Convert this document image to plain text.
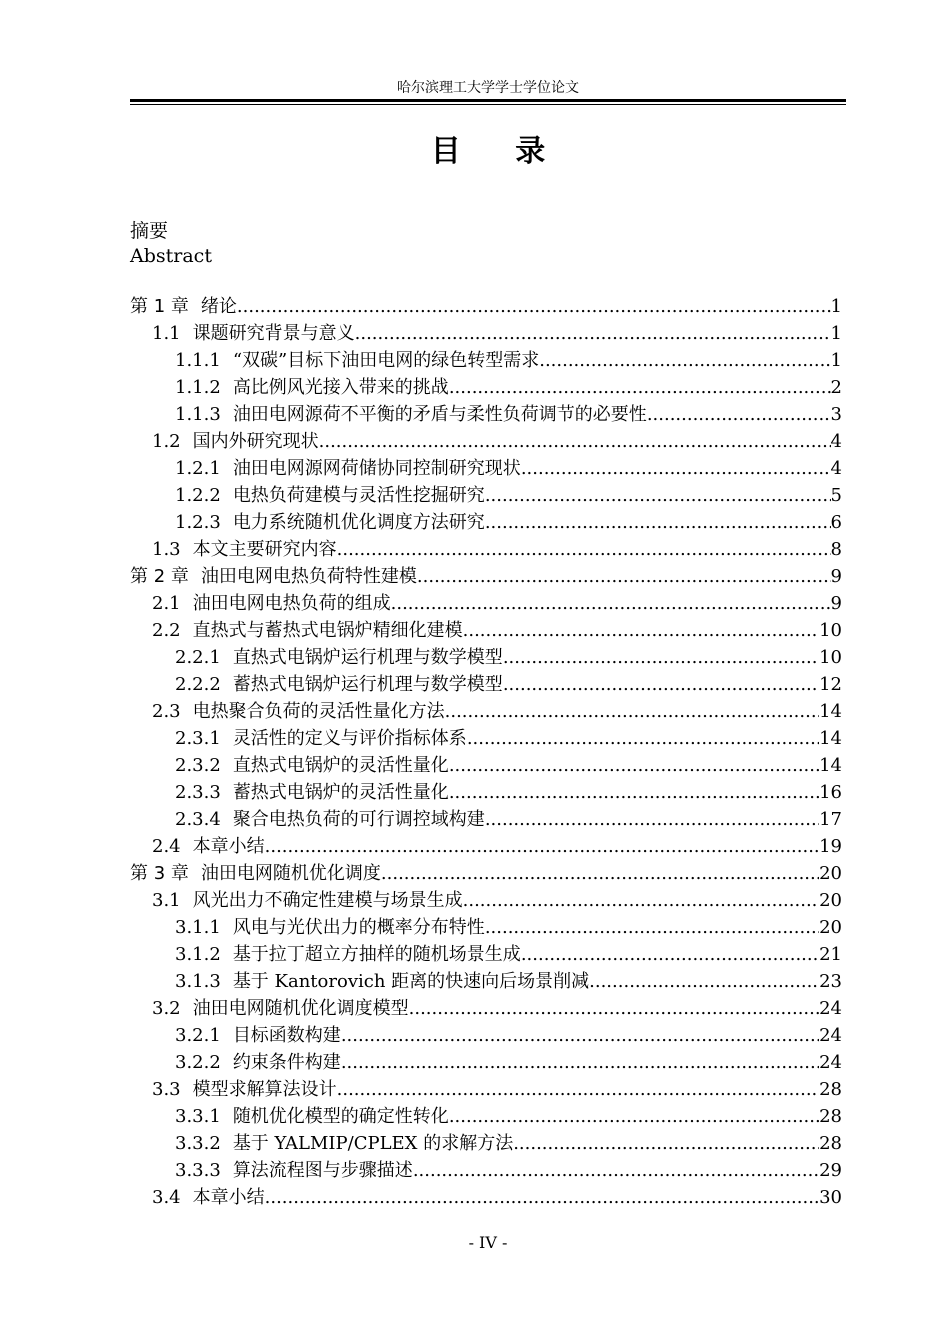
哈尔滨理工大学学士学位论文
目 录
摘要
Abstract
第 1 章 绪论 .....	1
1.1 课题研究背景与意义 .....	1
1.1.1 “双碳”目标下油田电网的绿色转型需求 .....	1
1.1.2 高比例风光接入带来的挑战 .....	2
1.1.3 油田电网源荷不平衡的矛盾与柔性负荷调节的必要性 .....	3
1.2 国内外研究现状 .....	4
1.2.1 油田电网源网荷储协同控制研究现状 .....	4
1.2.2 电热负荷建模与灵活性挖掘研究 .....	5
1.2.3 电力系统随机优化调度方法研究 .....	6
1.3 本文主要研究内容 .....	8
第 2 章 油田电网电热负荷特性建模 .....	9
2.1 油田电网电热负荷的组成 .....	9
2.2 直热式与蓄热式电锅炉精细化建模 .....	10
2.2.1 直热式电锅炉运行机理与数学模型 .....	10
2.2.2 蓄热式电锅炉运行机理与数学模型 .....	12
2.3 电热聚合负荷的灵活性量化方法 .....	14
2.3.1 灵活性的定义与评价指标体系 .....	14
2.3.2 直热式电锅炉的灵活性量化 .....	14
2.3.3 蓄热式电锅炉的灵活性量化 .....	16
2.3.4 聚合电热负荷的可行调控域构建 .....	17
2.4 本章小结 .....	19
第 3 章 油田电网随机优化调度 .....	20
3.1 风光出力不确定性建模与场景生成 .....	20
3.1.1 风电与光伏出力的概率分布特性 .....	20
3.1.2 基于拉丁超立方抽样的随机场景生成 .....	21
3.1.3 基于 Kantorovich 距离的快速向后场景削减 .....	23
3.2 油田电网随机优化调度模型 .....	24
3.2.1 目标函数构建 .....	24
3.2.2 约束条件构建 .....	24
3.3 模型求解算法设计 .....	28
3.3.1 随机优化模型的确定性转化 .....	28
3.3.2 基于 YALMIP/CPLEX 的求解方法 .....	28
3.3.3 算法流程图与步骤描述 .....	29
3.4 本章小结 .....	30
- IV -
